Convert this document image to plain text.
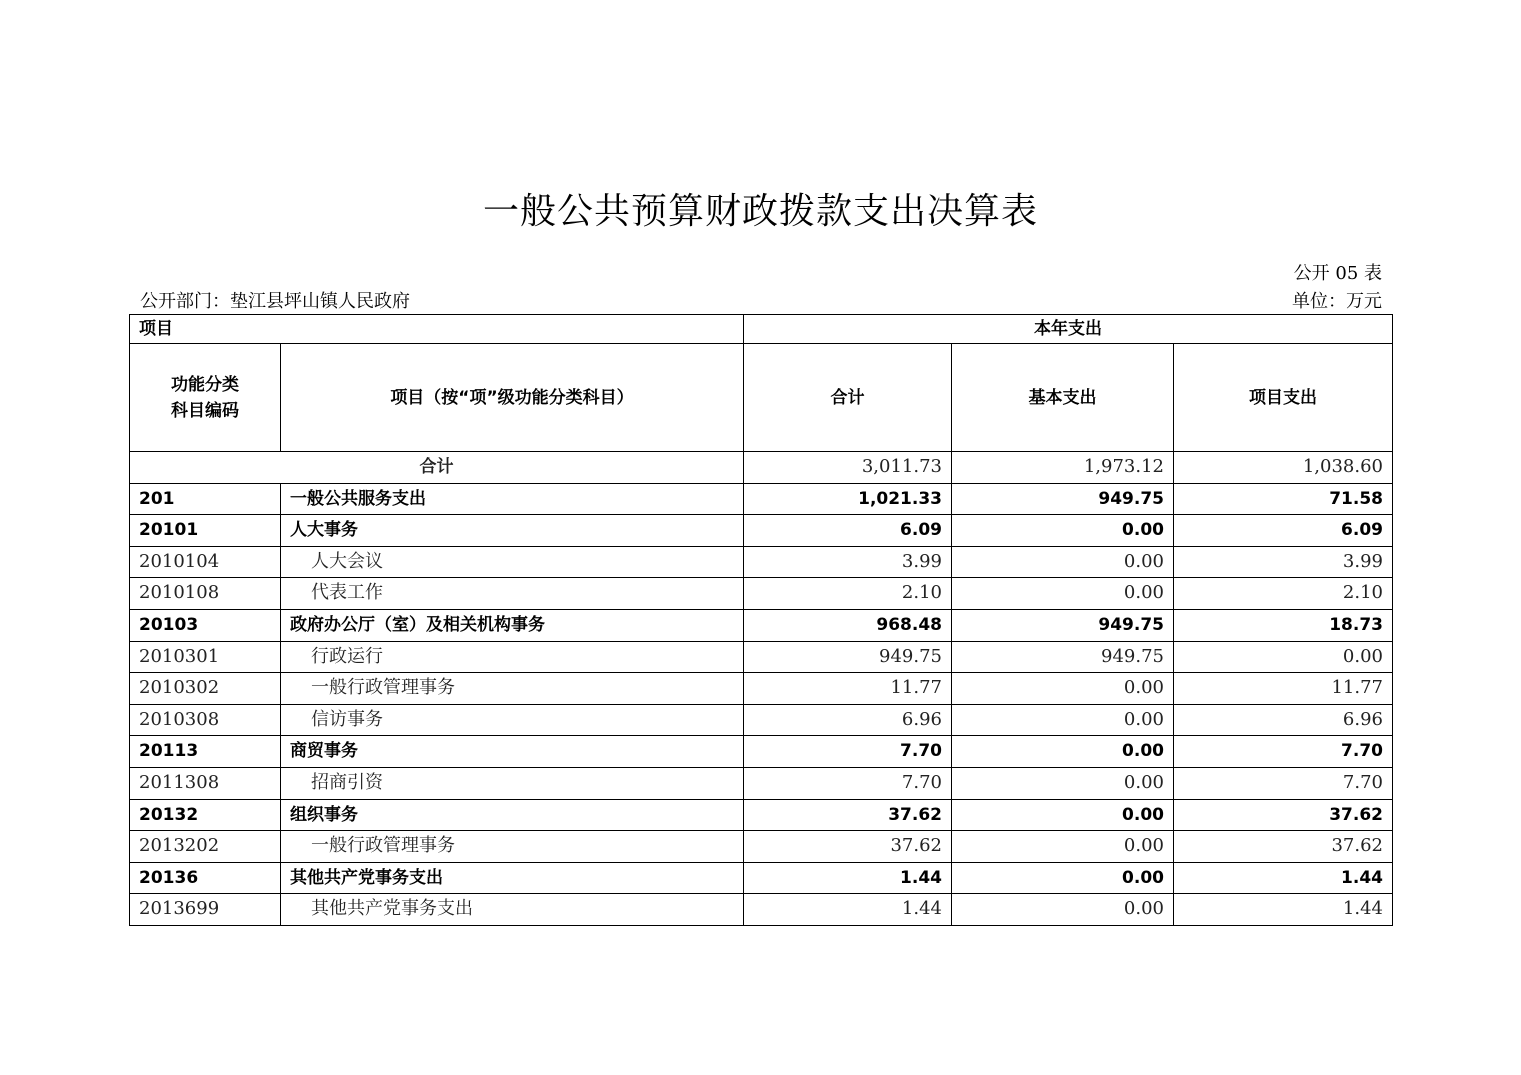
一般公共预算财政拨款支出决算表
公开 05 表
公开部门：垫江县坪山镇人民政府	单位：万元
项目		本年支出		

功能分类
科目编码	项目（按“项”级功能分类科目）	合计	基本支出	项目支出
合计		3,011.73	1,973.12	1,038.60
201	一般公共服务支出	1,021.33	949.75	71.58
20101	人大事务	6.09	0.00	6.09
2010104	人大会议	3.99	0.00	3.99
2010108	代表工作	2.10	0.00	2.10
20103	政府办公厅（室）及相关机构事务	968.48	949.75	18.73
2010301	行政运行	949.75	949.75	0.00
2010302	一般行政管理事务	11.77	0.00	11.77
2010308	信访事务	6.96	0.00	6.96
20113	商贸事务	7.70	0.00	7.70
2011308	招商引资	7.70	0.00	7.70
20132	组织事务	37.62	0.00	37.62
2013202	一般行政管理事务	37.62	0.00	37.62
20136	其他共产党事务支出	1.44	0.00	1.44
2013699	其他共产党事务支出	1.44	0.00	1.44
